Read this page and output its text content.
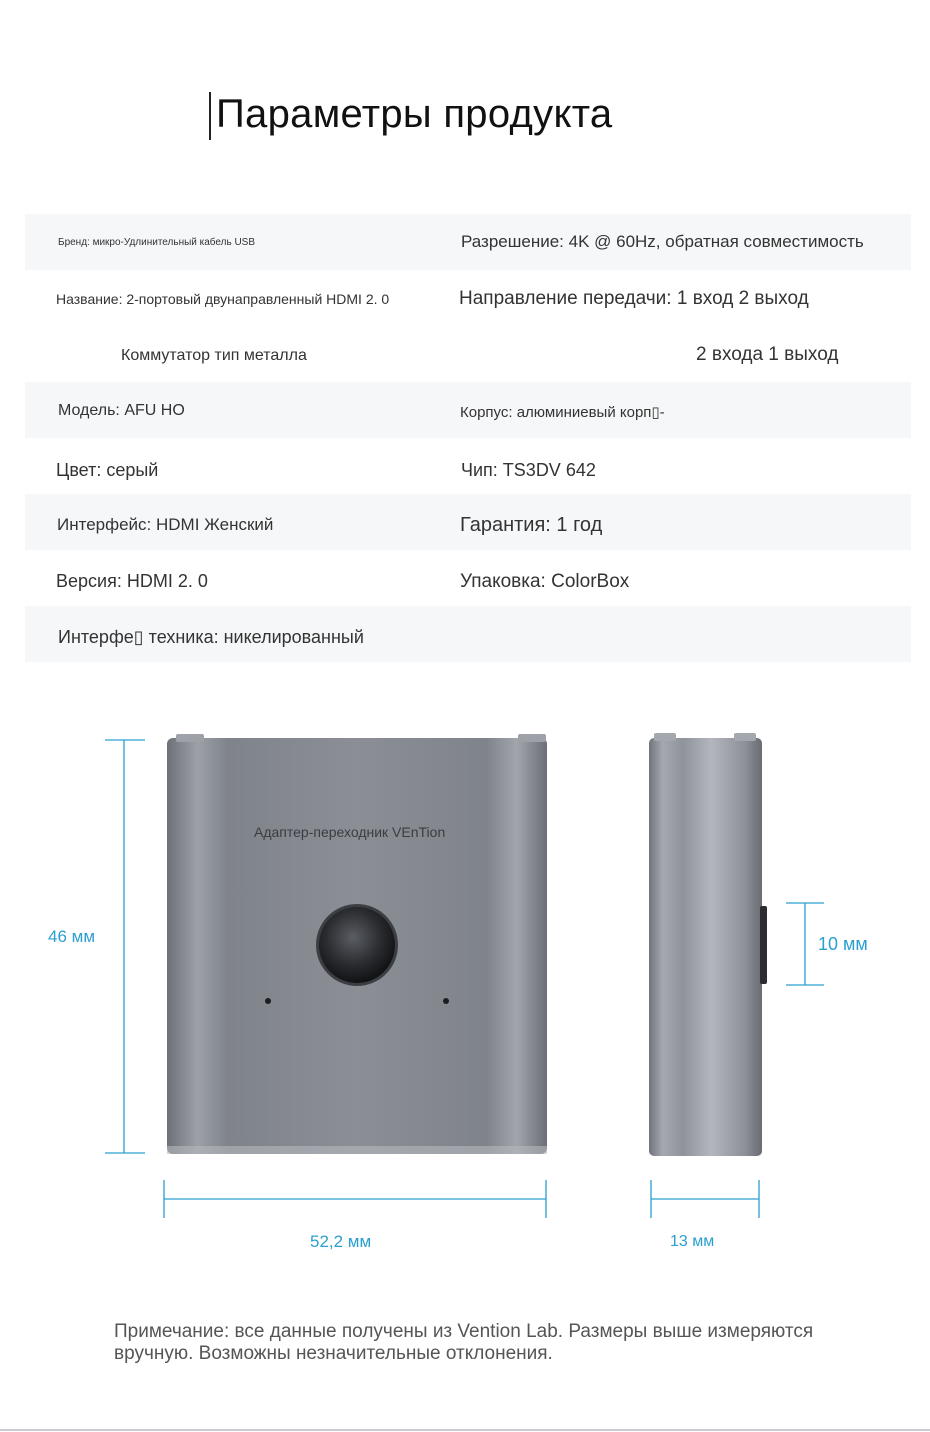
Параметры продукта
Бренд: микро-Удлинительный кабель USB	Разрешение: 4K @ 60Hz, обратная совместимость
Название: 2-портовый двунаправленный HDMI 2. 0	Направление передачи: 1 вход 2 выход
Коммутатор тип металла	2 входа 1 выход
Модель: AFU HO	Корпус: алюминиевый корп▯-
Цвет: серый	Чип: TS3DV 642
Интерфейс: HDMI Женский	Гарантия: 1 год
Версия: HDMI 2. 0	Упаковка: ColorBox
Интерфе▯ техника: никелированный
Адаптер-переходник VEnTion
46 мм
52,2 мм	13 мм
10 мм
Примечание: все данные получены из Vention Lab. Размеры выше измеряются вручную. Возможны незначительные отклонения.
